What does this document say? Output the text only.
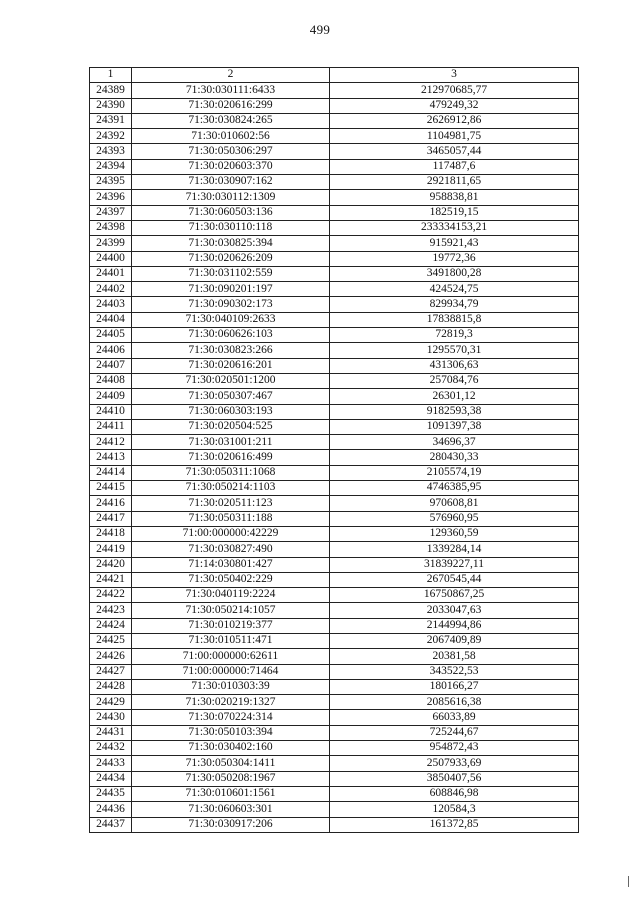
499
1	2	3
24389	71:30:030111:6433	212970685,77
24390	71:30:020616:299	479249,32
24391	71:30:030824:265	2626912,86
24392	71:30:010602:56	1104981,75
24393	71:30:050306:297	3465057,44
24394	71:30:020603:370	117487,6
24395	71:30:030907:162	2921811,65
24396	71:30:030112:1309	958838,81
24397	71:30:060503:136	182519,15
24398	71:30:030110:118	233334153,21
24399	71:30:030825:394	915921,43
24400	71:30:020626:209	19772,36
24401	71:30:031102:559	3491800,28
24402	71:30:090201:197	424524,75
24403	71:30:090302:173	829934,79
24404	71:30:040109:2633	17838815,8
24405	71:30:060626:103	72819,3
24406	71:30:030823:266	1295570,31
24407	71:30:020616:201	431306,63
24408	71:30:020501:1200	257084,76
24409	71:30:050307:467	26301,12
24410	71:30:060303:193	9182593,38
24411	71:30:020504:525	1091397,38
24412	71:30:031001:211	34696,37
24413	71:30:020616:499	280430,33
24414	71:30:050311:1068	2105574,19
24415	71:30:050214:1103	4746385,95
24416	71:30:020511:123	970608,81
24417	71:30:050311:188	576960,95
24418	71:00:000000:42229	129360,59
24419	71:30:030827:490	1339284,14
24420	71:14:030801:427	31839227,11
24421	71:30:050402:229	2670545,44
24422	71:30:040119:2224	16750867,25
24423	71:30:050214:1057	2033047,63
24424	71:30:010219:377	2144994,86
24425	71:30:010511:471	2067409,89
24426	71:00:000000:62611	20381,58
24427	71:00:000000:71464	343522,53
24428	71:30:010303:39	180166,27
24429	71:30:020219:1327	2085616,38
24430	71:30:070224:314	66033,89
24431	71:30:050103:394	725244,67
24432	71:30:030402:160	954872,43
24433	71:30:050304:1411	2507933,69
24434	71:30:050208:1967	3850407,56
24435	71:30:010601:1561	608846,98
24436	71:30:060603:301	120584,3
24437	71:30:030917:206	161372,85
